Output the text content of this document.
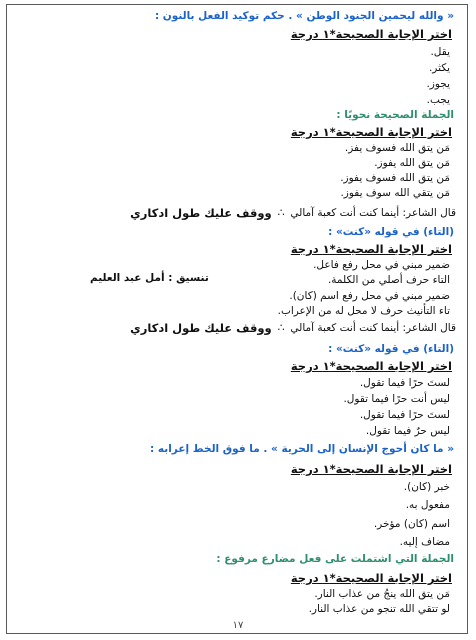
« والله ليحمين الجنود الوطن » . حكم توكيد الفعل بالنون :
اختر الإجابة الصحيحة*١ درجة
يقل.
يكثر.
يجوز.
يجب.
الجملة الصحيحة نحويًا :
اختر الإجابة الصحيحة*١ درجة
مَن يتق الله فسوف يفز.
مَن يتق الله يفوز.
مَن يتق الله فسوف يفوز.
مَن يتقي الله سوف يفوز.
قال الشاعر: أينما كنت أنت كعبة آمالي
∴
ووقف عليك طول ادكاري
(التاء) في قوله «كنت» :
اختر الإجابة الصحيحة*١ درجة
ضمير مبني في محل رفع فاعل.
التاء حرف أصلي من الكلمة.
تنسيق : أمل عبد العليم
ضمير مبني في محل رفع اسم (كان).
تاء التأنيث حرف لا محل له من الإعراب.
قال الشاعر: أينما كنت أنت كعبة آمالي
∴
ووقف عليك طول ادكاري
(التاء) في قوله «كنت» :
اختر الإجابة الصحيحة*١ درجة
لستَ حرًا فيما تقول.
ليس أنت حرًا فيما تقول.
لستَ حرًا فيما تقول.
ليس حرٌ فيما تقول.
« ما كان أحوج الإنسان إلى الحرية » . ما فوق الخط إعرابه :
اختر الإجابة الصحيحة*١ درجة
خبر (كان).
مفعول به.
اسم (كان) مؤخر.
مضاف إليه.
الجملة التي اشتملت على فعل مضارع مرفوع :
اختر الإجابة الصحيحة*١ درجة
مَن يتق الله ينجُ من عذاب النار.
لو تتقي الله تنجو من عذاب النار.
١٧
